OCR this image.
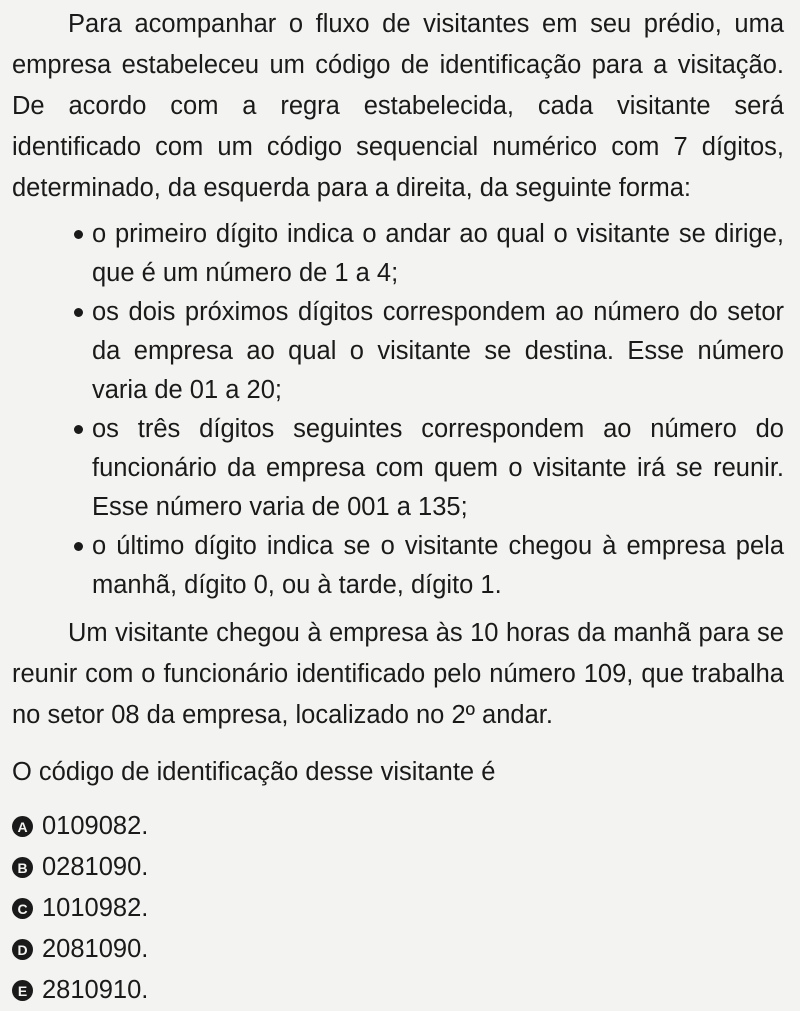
Para acompanhar o fluxo de visitantes em seu prédio, uma empresa estabeleceu um código de identificação para a visitação. De acordo com a regra estabelecida, cada visitante será identificado com um código sequencial numérico com 7 dígitos, determinado, da esquerda para a direita, da seguinte forma:

o primeiro dígito indica o andar ao qual o visitante se dirige, que é um número de 1 a 4;
os dois próximos dígitos correspondem ao número do setor da empresa ao qual o visitante se destina. Esse número varia de 01 a 20;
os três dígitos seguintes correspondem ao número do funcionário da empresa com quem o visitante irá se reunir. Esse número varia de 001 a 135;
o último dígito indica se o visitante chegou à empresa pela manhã, dígito 0, ou à tarde, dígito 1.

Um visitante chegou à empresa às 10 horas da manhã para se reunir com o funcionário identificado pelo número 109, que trabalha no setor 08 da empresa, localizado no 2º andar.

O código de identificação desse visitante é

A 0109082.
B 0281090.
C 1010982.
D 2081090.
E 2810910.
